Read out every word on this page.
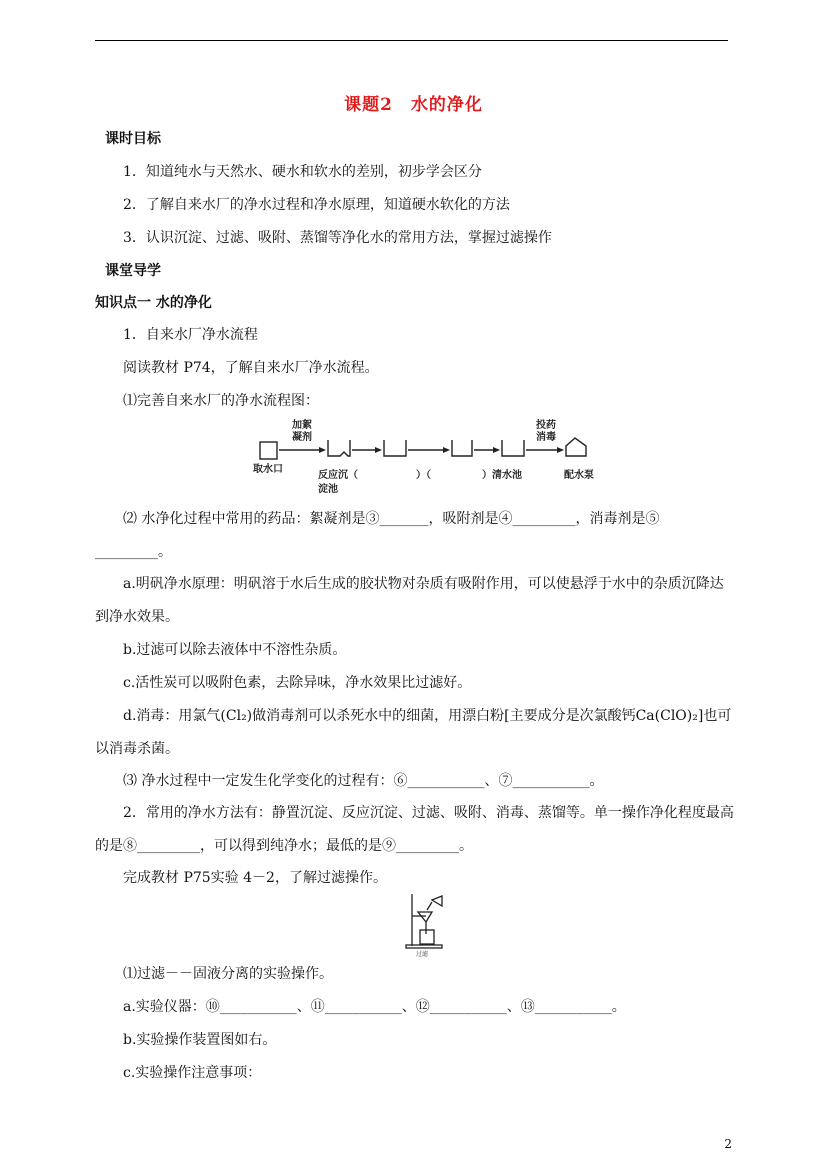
课题2　水的净化
课时目标
1．知道纯水与天然水、硬水和软水的差别，初步学会区分
2．了解自来水厂的净水过程和净水原理，知道硬水软化的方法
3．认识沉淀、过滤、吸附、蒸馏等净化水的常用方法，掌握过滤操作
课堂导学
知识点一 水的净化
1．自来水厂净水流程
阅读教材 P74，了解自来水厂净水流程。
⑴完善自来水厂的净水流程图：
加絮
凝剂
投药
消毒
取水口
反应沉（
淀池
）（	）清水池	配水泵
⑵ 水净化过程中常用的药品：絮凝剂是③_______，吸附剂是④_________，消毒剂是⑤
_________。
a.明矾净水原理：明矾溶于水后生成的胶状物对杂质有吸附作用，可以使悬浮于水中的杂质沉降达到净水效果。
b.过滤可以除去液体中不溶性杂质。
c.活性炭可以吸附色素，去除异味，净水效果比过滤好。
d.消毒：用氯气(Cl₂)做消毒剂可以杀死水中的细菌，用漂白粉[主要成分是次氯酸钙Ca(ClO)₂]也可以消毒杀菌。
⑶ 净水过程中一定发生化学变化的过程有：⑥___________、⑦___________。
2．常用的净水方法有：静置沉淀、反应沉淀、过滤、吸附、消毒、蒸馏等。单一操作净化程度最高的是⑧_________，可以得到纯净水；最低的是⑨_________。
完成教材 P75实验 4－2，了解过滤操作。
过滤
⑴过滤－－固液分离的实验操作。
a.实验仪器：⑩___________、⑪___________、⑫___________、⑬___________。
b.实验操作装置图如右。
c.实验操作注意事项：
2
